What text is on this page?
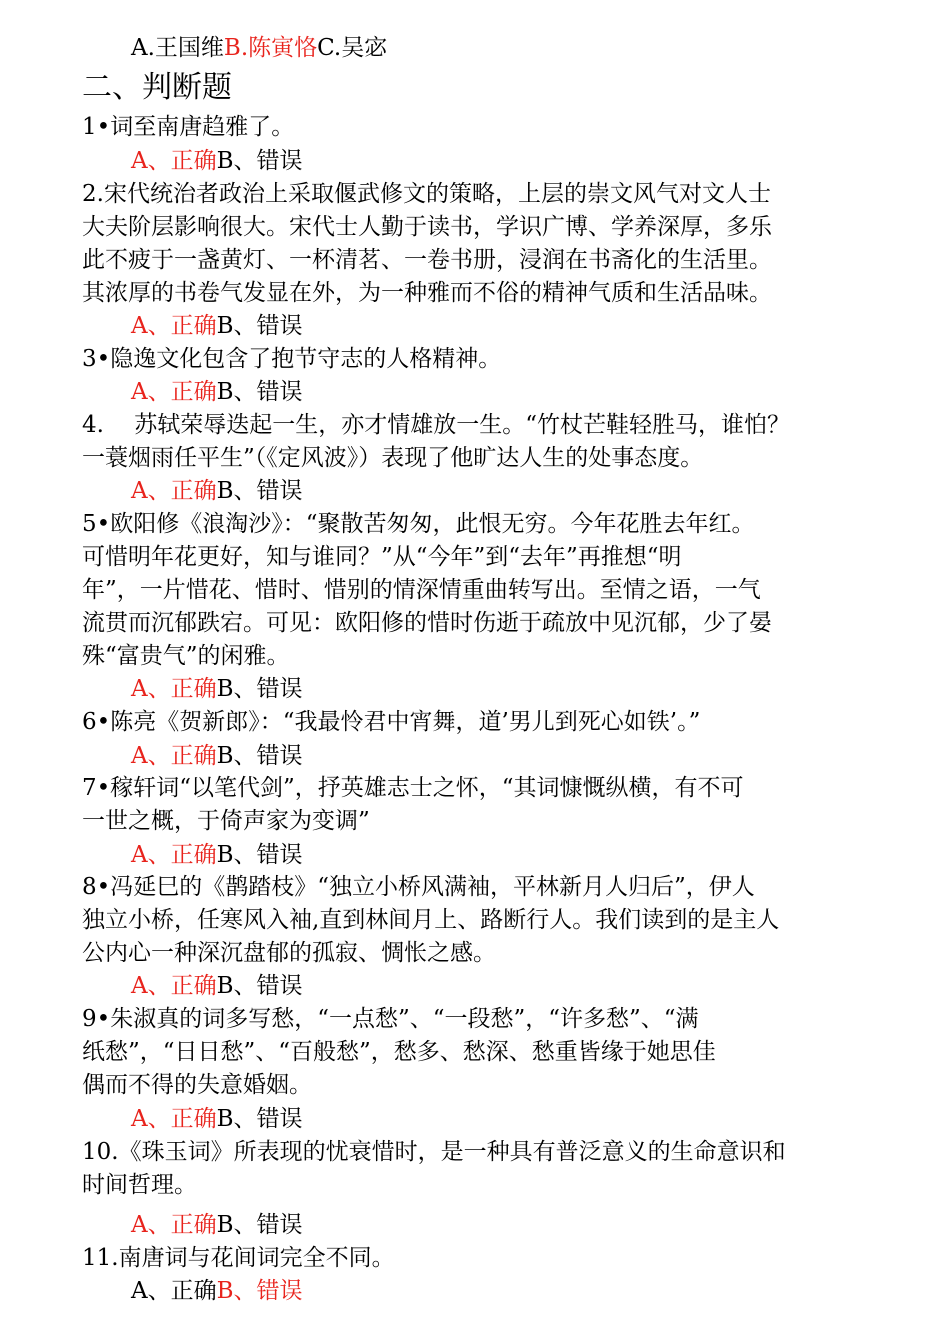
A.王国维B.陈寅恪C.吴宓
二、判断题
1•词至南唐趋雅了。
A、正确B、错误
2.宋代统治者政治上采取偃武修文的策略，上层的崇文风气对文人士
大夫阶层影响很大。宋代士人勤于读书，学识广博、学养深厚，多乐
此不疲于一盏黄灯、一杯清茗、一卷书册，浸润在书斋化的生活里。
其浓厚的书卷气发显在外，为一种雅而不俗的精神气质和生活品味。
A、正确B、错误
3•隐逸文化包含了抱节守志的人格精神。
A、正确B、错误
4.　 苏轼荣辱迭起一生，亦才情雄放一生。“竹杖芒鞋轻胜马，谁怕？
一蓑烟雨任平生”（《定风波》）表现了他旷达人生的处事态度。
A、正确B、错误
5•欧阳修《浪淘沙》：“聚散苦匆匆，此恨无穷。今年花胜去年红。
可惜明年花更好，知与谁同？”从“今年”到“去年”再推想“明
年”，一片惜花、惜时、惜别的情深情重曲转写出。至情之语，一气
流贯而沉郁跌宕。可见：欧阳修的惜时伤逝于疏放中见沉郁，少了晏
殊“富贵气”的闲雅。
A、正确B、错误
6•陈亮《贺新郎》：“我最怜君中宵舞，道’男儿到死心如铁’。”
A、正确B、错误
7•稼轩词“以笔代剑”，抒英雄志士之怀，“其词慷慨纵横，有不可
一世之概，于倚声家为变调”
A、正确B、错误
8•冯延巳的《鹊踏枝》“独立小桥风满袖，平林新月人归后”，伊人
独立小桥，任寒风入袖,直到林间月上、路断行人。我们读到的是主人
公内心一种深沉盘郁的孤寂、惆怅之感。
A、正确B、错误
9•朱淑真的词多写愁，“一点愁”、“一段愁”，“许多愁”、“满
纸愁”，“日日愁”、“百般愁”，愁多、愁深、愁重皆缘于她思佳
偶而不得的失意婚姻。
A、正确B、错误
10.《珠玉词》所表现的忧衰惜时，是一种具有普泛意义的生命意识和
时间哲理。
A、正确B、错误
11.南唐词与花间词完全不同。
A、正确B、错误
